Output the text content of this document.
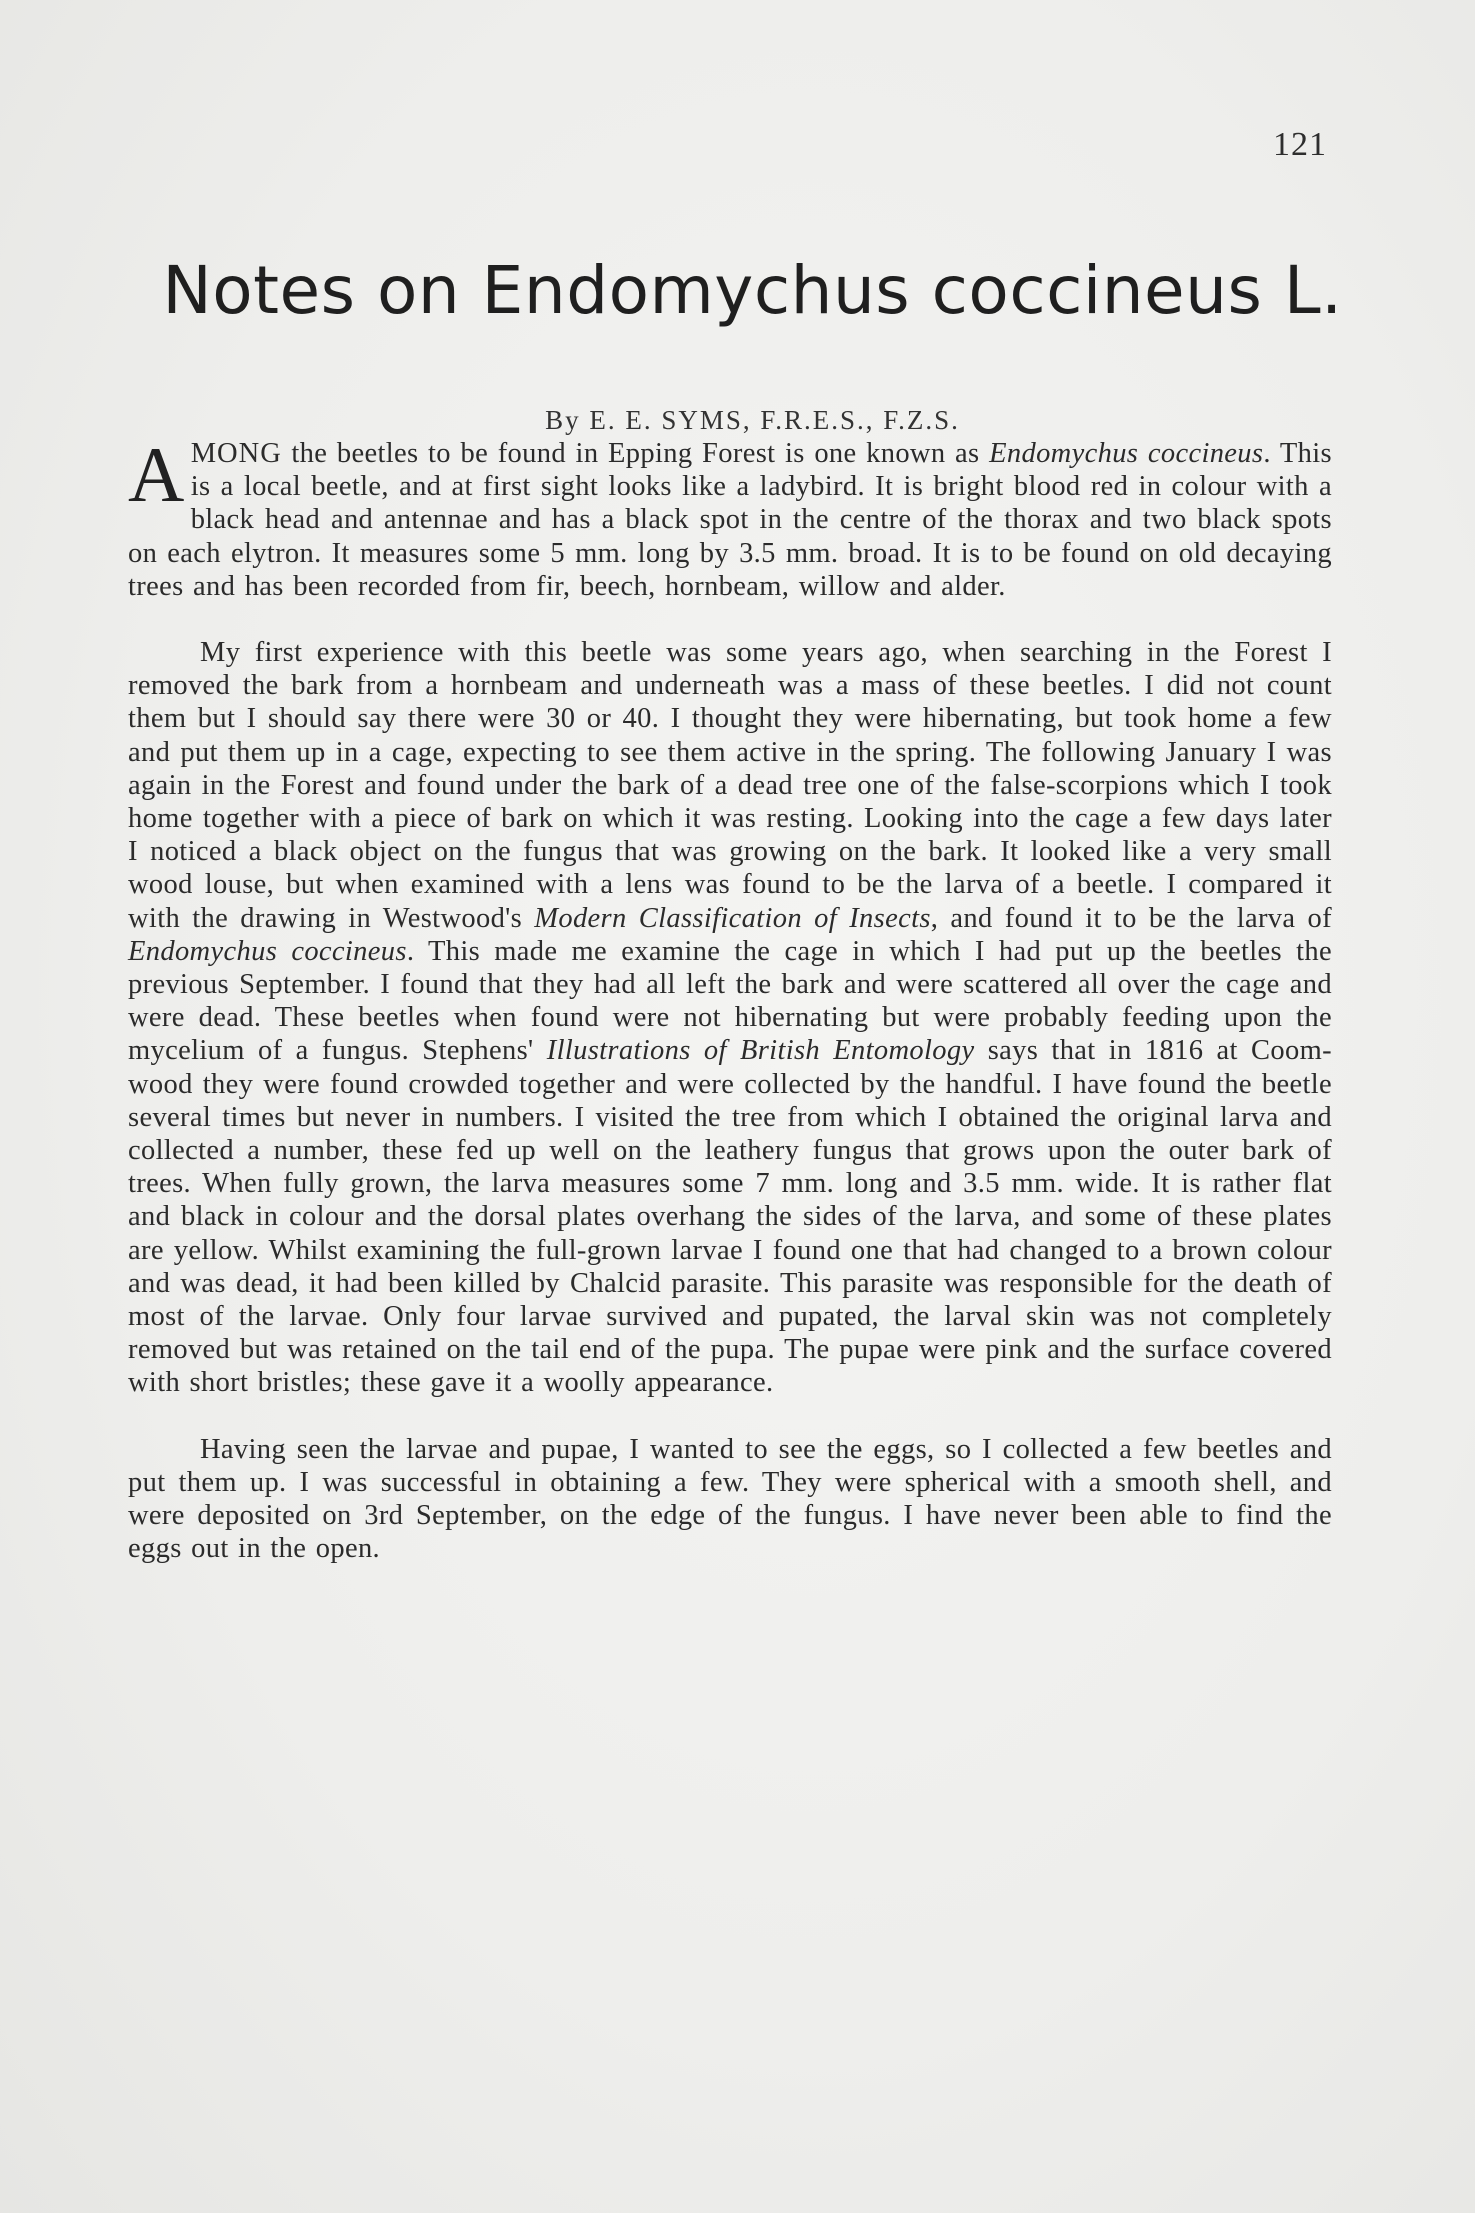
121
Notes on Endomychus coccineus L.
By E. E. SYMS, F.R.E.S., F.Z.S.

AMONG the beetles to be found in Epping Forest is one known as Endomychus coccineus. This is a local beetle, and at first sight looks like a ladybird. It is bright blood red in colour with a black head and antennae and has a black spot in the centre of the thorax and two black spots on each elytron. It measures some 5 mm. long by 3.5 mm. broad. It is to be found on old decaying trees and has been recorded from fir, beech, hornbeam, willow and alder.

My first experience with this beetle was some years ago, when searching in the Forest I removed the bark from a hornbeam and underneath was a mass of these beetles. I did not count them but I should say there were 30 or 40. I thought they were hibernating, but took home a few and put them up in a cage, expecting to see them active in the spring. The following January I was again in the Forest and found under the bark of a dead tree one of the false-scorpions which I took home together with a piece of bark on which it was resting. Looking into the cage a few days later I noticed a black object on the fungus that was growing on the bark. It looked like a very small wood louse, but when examined with a lens was found to be the larva of a beetle. I compared it with the drawing in Westwood's Modern Classification of Insects, and found it to be the larva of Endomychus coccineus. This made me examine the cage in which I had put up the beetles the previous September. I found that they had all left the bark and were scattered all over the cage and were dead. These beetles when found were not hibernating but were probably feeding upon the mycelium of a fungus. Stephens' Illustrations of British Entomology says that in 1816 at Coom-wood they were found crowded together and were collected by the handful. I have found the beetle several times but never in numbers. I visited the tree from which I obtained the original larva and collected a number, these fed up well on the leathery fungus that grows upon the outer bark of trees. When fully grown, the larva measures some 7 mm. long and 3.5 mm. wide. It is rather flat and black in colour and the dorsal plates overhang the sides of the larva, and some of these plates are yellow. Whilst examining the full-grown larvae I found one that had changed to a brown colour and was dead, it had been killed by Chalcid parasite. This parasite was responsible for the death of most of the larvae. Only four larvae survived and pupated, the larval skin was not completely removed but was retained on the tail end of the pupa. The pupae were pink and the surface covered with short bristles; these gave it a woolly appearance.

Having seen the larvae and pupae, I wanted to see the eggs, so I collected a few beetles and put them up. I was successful in obtaining a few. They were spherical with a smooth shell, and were deposited on 3rd September, on the edge of the fungus. I have never been able to find the eggs out in the open.
